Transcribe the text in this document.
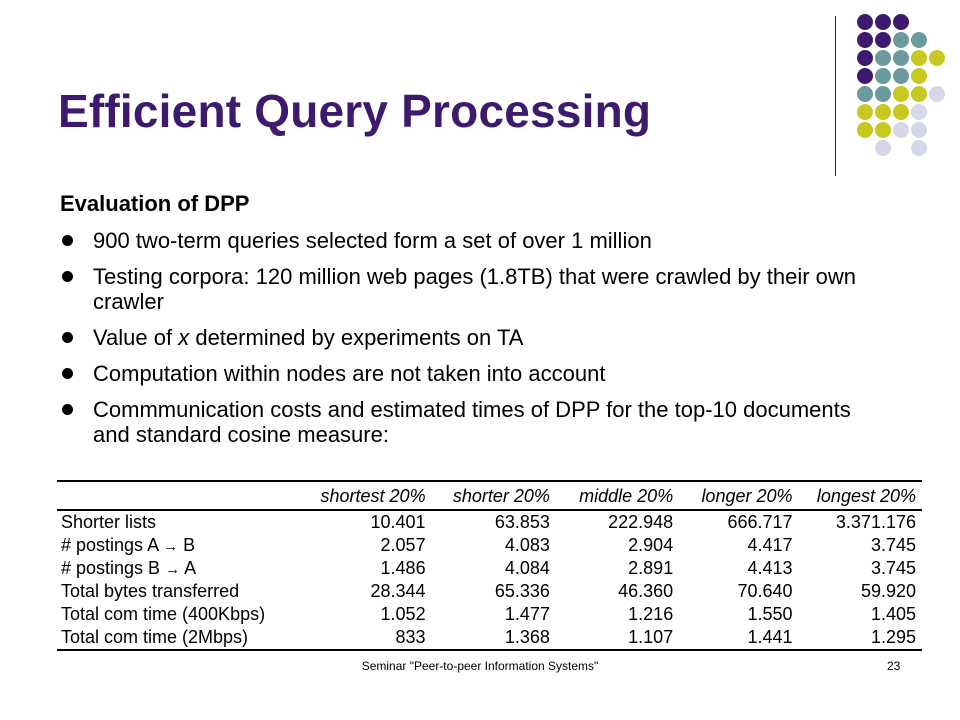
Efficient Query Processing
Evaluation of DPP
900 two-term queries selected form a set of over 1 million
Testing corpora: 120 million web pages (1.8TB) that were crawled by their own crawler
Value of x determined by experiments on TA
Computation within nodes are not taken into account
Commmunication costs and estimated times of DPP for the top-10 documents and standard cosine measure:
	shortest 20%	shorter 20%	middle 20%	longer 20%	longest 20%
Shorter lists	10.401	63.853	222.948	666.717	3.371.176
# postings A → B	2.057	4.083	2.904	4.417	3.745
# postings B → A	1.486	4.084	2.891	4.413	3.745
Total bytes transferred	28.344	65.336	46.360	70.640	59.920
Total com time (400Kbps)	1.052	1.477	1.216	1.550	1.405
Total com time (2Mbps)	833	1.368	1.107	1.441	1.295
Seminar "Peer-to-peer Information Systems"	23
